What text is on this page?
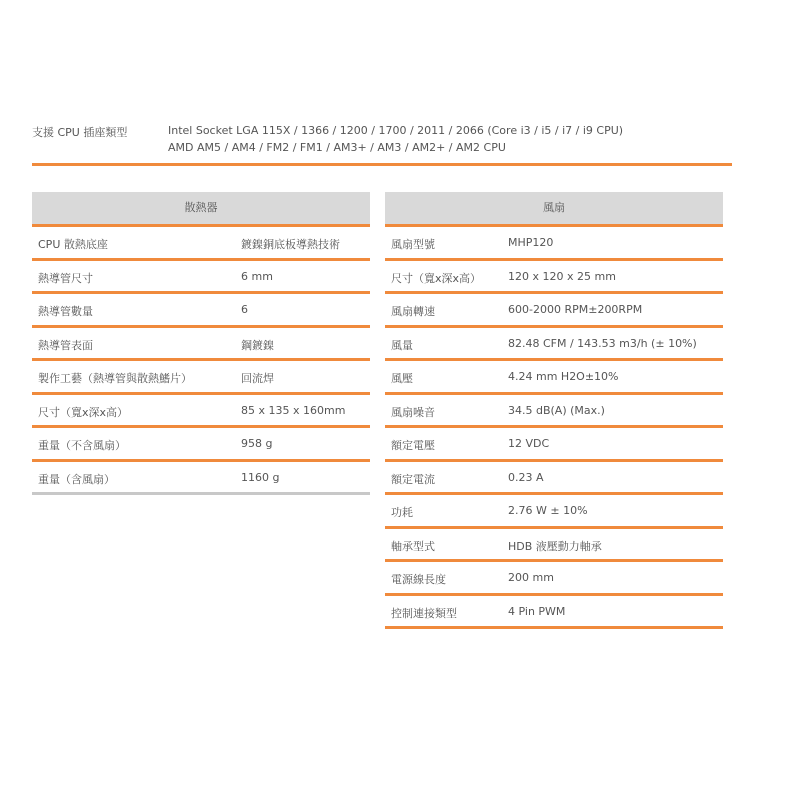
支援 CPU 插座類型	Intel Socket LGA 115X / 1366 / 1200 / 1700 / 2011 / 2066 (Core i3 / i5 / i7 / i9 CPU)
AMD AM5 / AM4 / FM2 / FM1 / AM3+ / AM3 / AM2+ / AM2 CPU
散熱器
CPU 散熱底座	鍍鎳銅底板導熱技術
熱導管尺寸	6 mm
熱導管數量	6
熱導管表面	鋼鍍鎳
製作工藝（熱導管與散熱鰭片）	回流焊
尺寸（寬x深x高）	85 x 135 x 160mm
重量（不含風扇）	958 g
重量（含風扇）	1160 g
風扇
風扇型號	MHP120
尺寸（寬x深x高） 120 x 120 x 25 mm
風扇轉速	600-2000 RPM±200RPM
風量	82.48 CFM / 143.53 m3/h (± 10%)
風壓	4.24 mm H2O±10%
風扇噪音	34.5 dB(A) (Max.)
額定電壓	12 VDC
額定電流	0.23 A
功耗	2.76 W ± 10%
軸承型式	HDB 液壓動力軸承
電源線長度	200 mm
控制連接類型	4 Pin PWM
